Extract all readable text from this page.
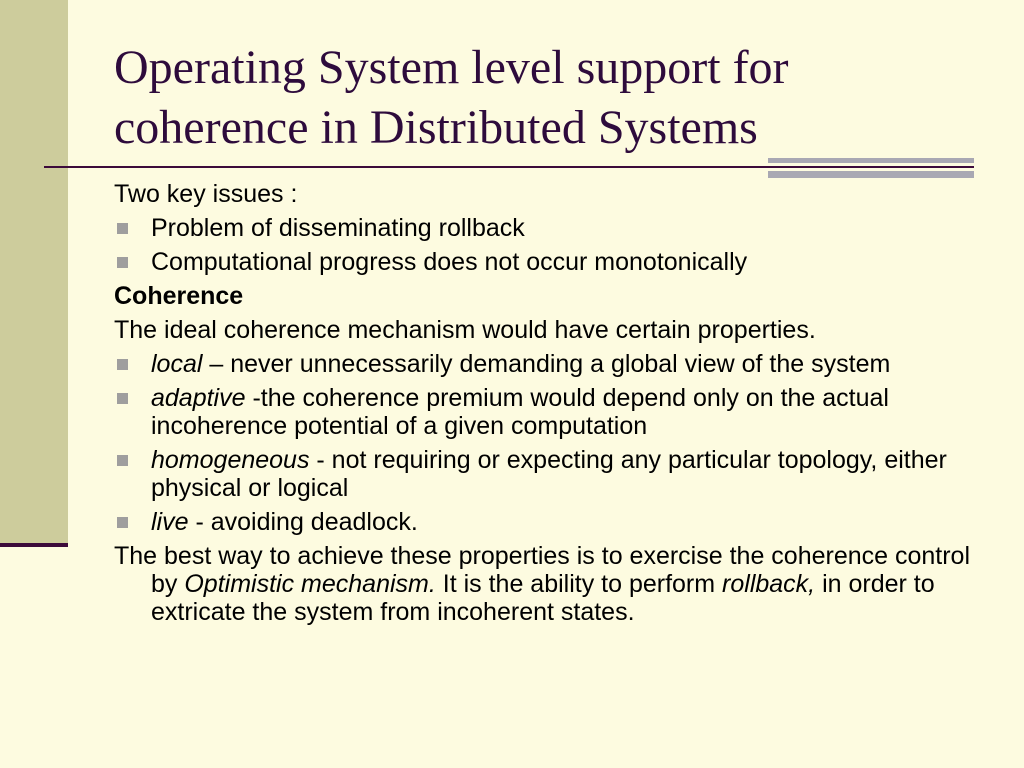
Operating System level support for coherence in Distributed Systems
Two key issues :
Problem of disseminating rollback
Computational progress does not occur monotonically
Coherence
The ideal coherence mechanism would have certain properties.
local – never unnecessarily demanding a global view of the system
adaptive -the coherence premium would depend only on the actual incoherence potential of a given computation
homogeneous - not requiring or expecting any particular topology, either physical or logical
live - avoiding deadlock.
The best way to achieve these properties is to exercise the coherence control by Optimistic mechanism. It is the ability to perform rollback, in order to extricate the system from incoherent states.
